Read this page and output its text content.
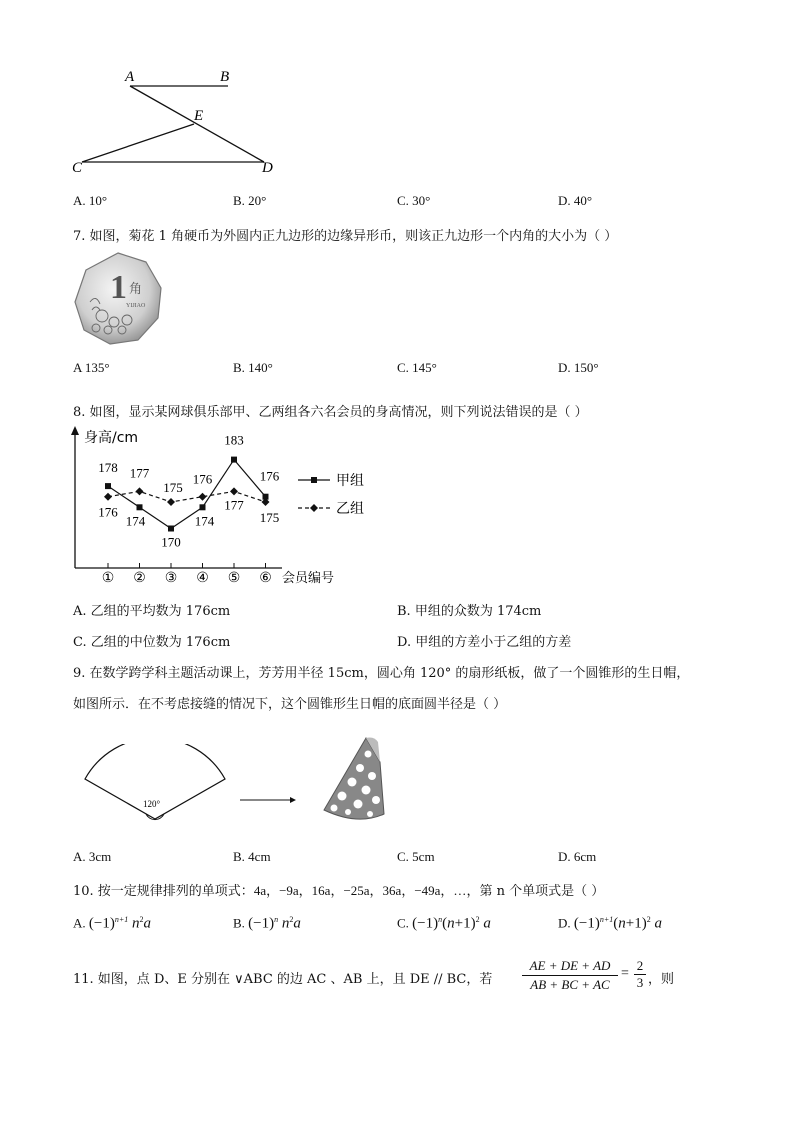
A	B
E
C	D
A. 10°	B. 20°	C. 30°	D. 40°
7. 如图，菊花 1 角硬币为外圆内正九边形的边缘异形币，则该正九边形一个内角的大小为（ ）
1 角
YIJIAO
A 135°	B. 140°	C. 145°	D. 150°
8. 如图，显示某网球俱乐部甲、乙两组各六名会员的身高情况，则下列说法错误的是（ ）
身高/cm
会员编号
① ② ③ ④ ⑤ ⑥
178
174
170
174
183
176
176
177
175
176
177
175
甲组
乙组
A. 乙组的平均数为 176cm	B. 甲组的众数为 174cm
C. 乙组的中位数为 176cm	D. 甲组的方差小于乙组的方差
9. 在数学跨学科主题活动课上，芳芳用半径 15cm，圆心角 120° 的扇形纸板，做了一个圆锥形的生日帽，
如图所示．在不考虑接缝的情况下，这个圆锥形生日帽的底面圆半径是（ ）
120°
A. 3cm	B. 4cm	C. 5cm	D. 6cm
10. 按一定规律排列的单项式：4a，−9a，16a，−25a，36a，−49a，…，第 n 个单项式是（ ）
A. $(-1)^{n+1}$ $n^2a$	B. $(-1)^n$ $n^2a$	C. $(-1)^n(n+1)^2$ a	D. $(-1)^{n+1}(n+1)^2$ a
11. 如图，点 D、E 分别在 ∨ABC 的边 AC 、AB 上，且 DE // BC，若 $\frac{AE + DE + AD}{AB + BC + AC} = \frac{2}{3}$ ，则
